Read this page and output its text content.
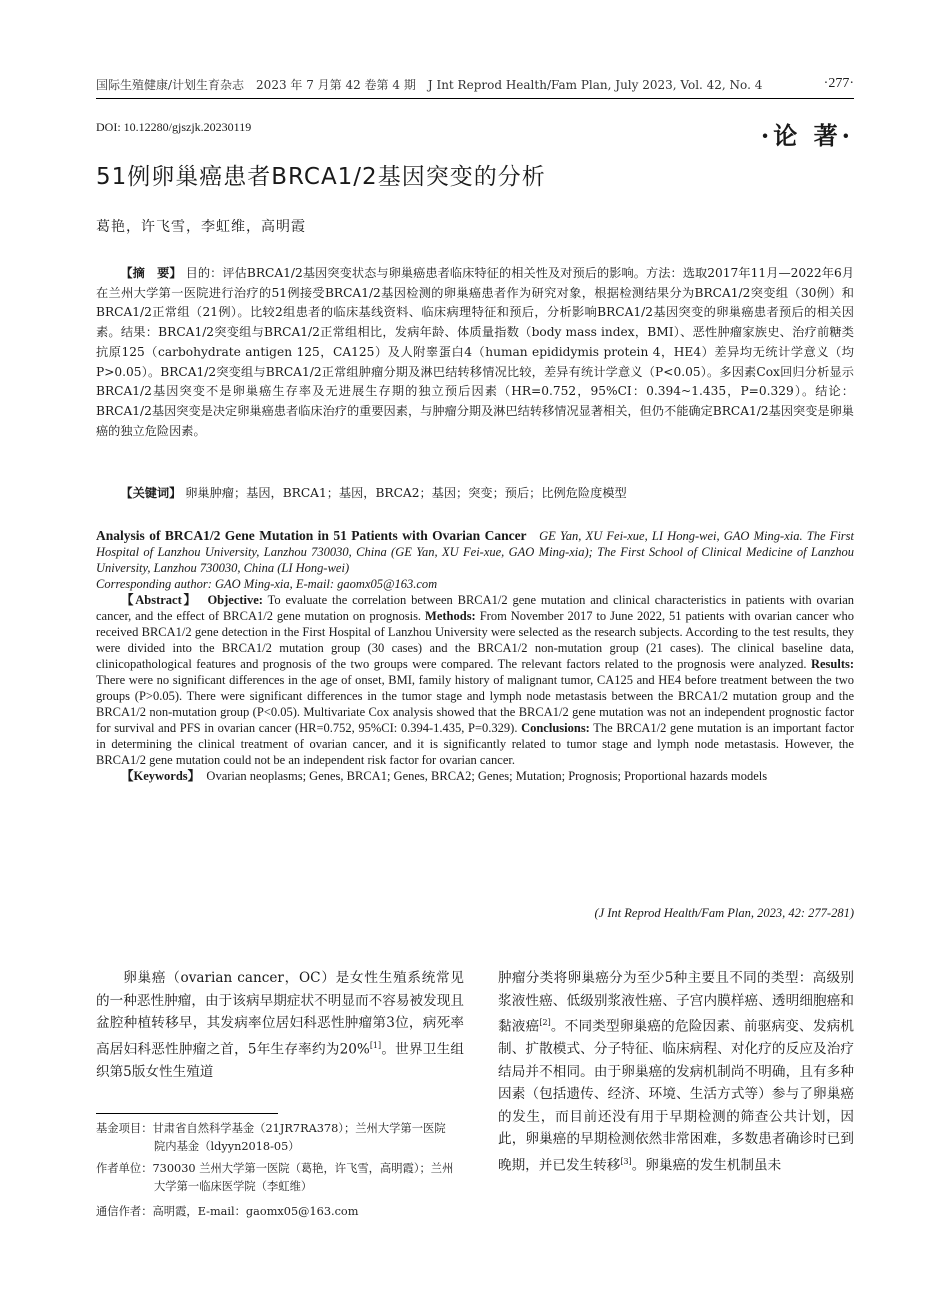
国际生殖健康/计划生育杂志　2023 年 7 月第 42 卷第 4 期　J Int Reprod Health/Fam Plan, July 2023, Vol. 42, No. 4	·277·
DOI: 10.12280/gjszjk.20230119	·论 著·
51例卵巢癌患者BRCA1/2基因突变的分析
葛艳，许飞雪，李虹维，高明霞

【摘　要】 目的：评估BRCA1/2基因突变状态与卵巢癌患者临床特征的相关性及对预后的影响。方法：选取2017年11月—2022年6月在兰州大学第一医院进行治疗的51例接受BRCA1/2基因检测的卵巢癌患者作为研究对象，根据检测结果分为BRCA1/2突变组（30例）和BRCA1/2正常组（21例）。比较2组患者的临床基线资料、临床病理特征和预后，分析影响BRCA1/2基因突变的卵巢癌患者预后的相关因素。结果：BRCA1/2突变组与BRCA1/2正常组相比，发病年龄、体质量指数（body mass index，BMI）、恶性肿瘤家族史、治疗前糖类抗原125（carbohydrate antigen 125，CA125）及人附睾蛋白4（human epididymis protein 4，HE4）差异均无统计学意义（均P>0.05）。BRCA1/2突变组与BRCA1/2正常组肿瘤分期及淋巴结转移情况比较，差异有统计学意义（P<0.05）。多因素Cox回归分析显示BRCA1/2基因突变不是卵巢癌生存率及无进展生存期的独立预后因素（HR=0.752，95%CI：0.394~1.435，P=0.329）。结论：BRCA1/2基因突变是决定卵巢癌患者临床治疗的重要因素，与肿瘤分期及淋巴结转移情况显著相关，但仍不能确定BRCA1/2基因突变是卵巢癌的独立危险因素。

【关键词】 卵巢肿瘤；基因，BRCA1；基因，BRCA2；基因；突变；预后；比例危险度模型

Analysis of BRCA1/2 Gene Mutation in 51 Patients with Ovarian Cancer GE Yan, XU Fei-xue, LI Hong-wei, GAO Ming-xia. The First Hospital of Lanzhou University, Lanzhou 730030, China (GE Yan, XU Fei-xue, GAO Ming-xia); The First School of Clinical Medicine of Lanzhou University, Lanzhou 730030, China (LI Hong-wei)

Corresponding author: GAO Ming-xia, E-mail: gaomx05@163.com

【Abstract】 Objective: To evaluate the correlation between BRCA1/2 gene mutation and clinical characteristics in patients with ovarian cancer, and the effect of BRCA1/2 gene mutation on prognosis. Methods: From November 2017 to June 2022, 51 patients with ovarian cancer who received BRCA1/2 gene detection in the First Hospital of Lanzhou University were selected as the research subjects. According to the test results, they were divided into the BRCA1/2 mutation group (30 cases) and the BRCA1/2 non-mutation group (21 cases). The clinical baseline data, clinicopathological features and prognosis of the two groups were compared. The relevant factors related to the prognosis were analyzed. Results: There were no significant differences in the age of onset, BMI, family history of malignant tumor, CA125 and HE4 before treatment between the two groups (P>0.05). There were significant differences in the tumor stage and lymph node metastasis between the BRCA1/2 mutation group and the BRCA1/2 non-mutation group (P<0.05). Multivariate Cox analysis showed that the BRCA1/2 gene mutation was not an independent prognostic factor for survival and PFS in ovarian cancer (HR=0.752, 95%CI: 0.394-1.435, P=0.329). Conclusions: The BRCA1/2 gene mutation is an important factor in determining the clinical treatment of ovarian cancer, and it is significantly related to tumor stage and lymph node metastasis. However, the BRCA1/2 gene mutation could not be an independent risk factor for ovarian cancer.

【Keywords】 Ovarian neoplasms; Genes, BRCA1; Genes, BRCA2; Genes; Mutation; Prognosis; Proportional hazards models

(J Int Reprod Health/Fam Plan, 2023, 42: 277-281)

卵巢癌（ovarian cancer，OC）是女性生殖系统常见的一种恶性肿瘤，由于该病早期症状不明显而不容易被发现且盆腔种植转移早，其发病率位居妇科恶性肿瘤第3位，病死率高居妇科恶性肿瘤之首，5年生存率约为20%[1]。世界卫生组织第5版女性生殖道

基金项目：甘肃省自然科学基金（21JR7RA378）；兰州大学第一医院
院内基金（ldyyn2018-05）
作者单位：730030 兰州大学第一医院（葛艳，许飞雪，高明霞）；兰州
大学第一临床医学院（李虹维）
通信作者：高明霞，E-mail：gaomx05@163.com

肿瘤分类将卵巢癌分为至少5种主要且不同的类型：高级别浆液性癌、低级别浆液性癌、子宫内膜样癌、透明细胞癌和黏液癌[2]。不同类型卵巢癌的危险因素、前驱病变、发病机制、扩散模式、分子特征、临床病程、对化疗的反应及治疗结局并不相同。由于卵巢癌的发病机制尚不明确，且有多种因素（包括遗传、经济、环境、生活方式等）参与了卵巢癌的发生，而目前还没有用于早期检测的筛查公共计划，因此，卵巢癌的早期检测依然非常困难，多数患者确诊时已到晚期，并已发生转移[3]。卵巢癌的发生机制虽未
